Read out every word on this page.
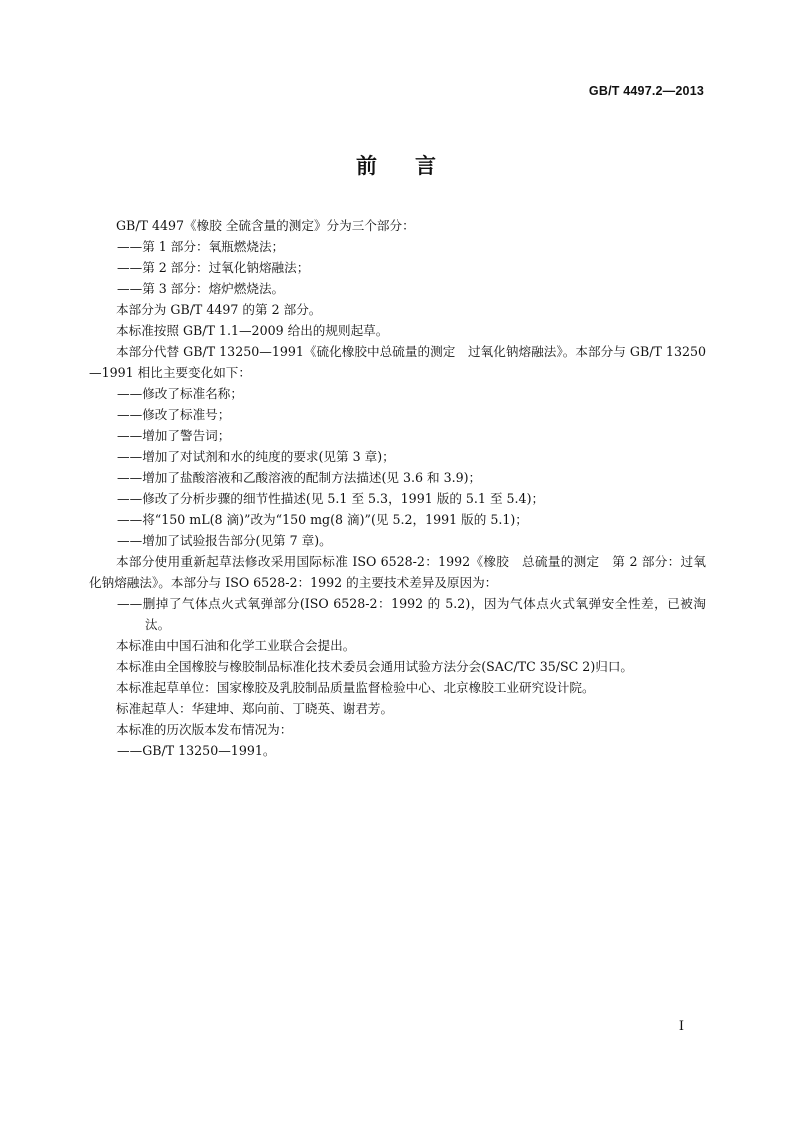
GB/T 4497.2—2013
前 言

GB/T 4497《橡胶 全硫含量的测定》分为三个部分：

——第 1 部分：氧瓶燃烧法；

——第 2 部分：过氧化钠熔融法；

——第 3 部分：熔炉燃烧法。

本部分为 GB/T 4497 的第 2 部分。

本标准按照 GB/T 1.1—2009 给出的规则起草。

本部分代替 GB/T 13250—1991《硫化橡胶中总硫量的测定　过氧化钠熔融法》。本部分与 GB/T 13250—1991 相比主要变化如下：

——修改了标准名称；

——修改了标准号；

——增加了警告词；

——增加了对试剂和水的纯度的要求(见第 3 章)；

——增加了盐酸溶液和乙酸溶液的配制方法描述(见 3.6 和 3.9)；

——修改了分析步骤的细节性描述(见 5.1 至 5.3，1991 版的 5.1 至 5.4)；

——将“150 mL(8 滴)”改为“150 mg(8 滴)”(见 5.2，1991 版的 5.1)；

——增加了试验报告部分(见第 7 章)。

本部分使用重新起草法修改采用国际标准 ISO 6528-2：1992《橡胶　总硫量的测定　第 2 部分：过氧化钠熔融法》。本部分与 ISO 6528-2：1992 的主要技术差异及原因为：

——删掉了气体点火式氧弹部分(ISO 6528-2：1992 的 5.2)，因为气体点火式氧弹安全性差，已被淘汰。

本标准由中国石油和化学工业联合会提出。

本标准由全国橡胶与橡胶制品标准化技术委员会通用试验方法分会(SAC/TC 35/SC 2)归口。

本标准起草单位：国家橡胶及乳胶制品质量监督检验中心、北京橡胶工业研究设计院。

标准起草人：华建坤、郑向前、丁晓英、谢君芳。

本标准的历次版本发布情况为：

——GB/T 13250—1991。

I
